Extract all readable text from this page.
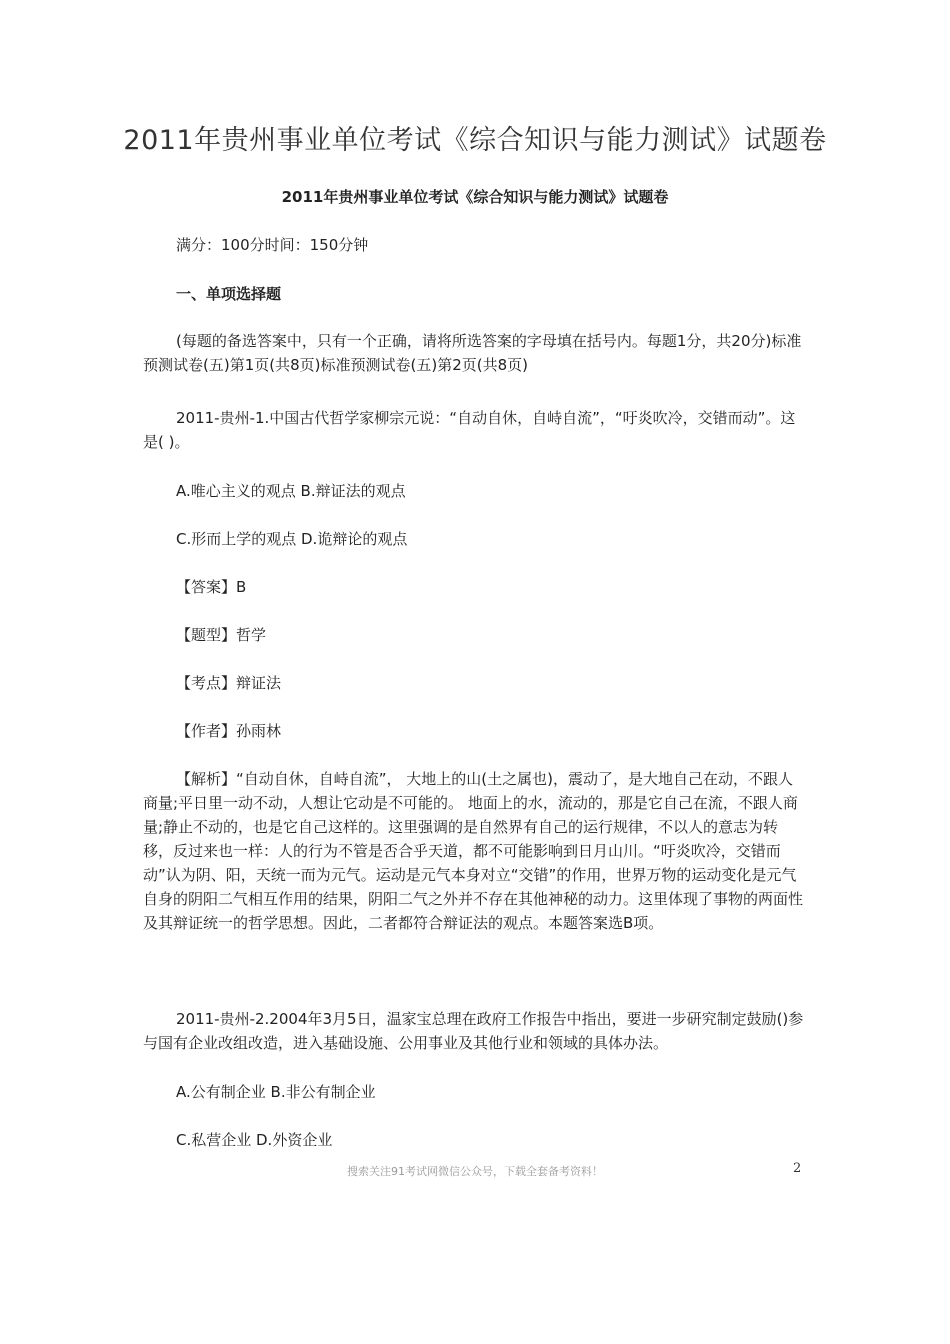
2011年贵州事业单位考试《综合知识与能力测试》试题卷
2011年贵州事业单位考试《综合知识与能力测试》试题卷
满分：100分时间：150分钟
一、单项选择题
(每题的备选答案中，只有一个正确，请将所选答案的字母填在括号内。每题1分，共20分)标准预测试卷(五)第1页(共8页)标准预测试卷(五)第2页(共8页)
2011-贵州-1.中国古代哲学家柳宗元说：“自动自休，自峙自流”，“吁炎吹冷，交错而动”。这是( )。
A.唯心主义的观点 B.辩证法的观点
C.形而上学的观点 D.诡辩论的观点
【答案】B
【题型】哲学
【考点】辩证法
【作者】孙雨林
【解析】“自动自休，自峙自流”， 大地上的山(土之属也)，震动了，是大地自己在动，不跟人商量;平日里一动不动，人想让它动是不可能的。 地面上的水，流动的，那是它自己在流，不跟人商量;静止不动的，也是它自己这样的。这里强调的是自然界有自己的运行规律，不以人的意志为转移，反过来也一样：人的行为不管是否合乎天道，都不可能影响到日月山川。“吁炎吹冷，交错而动”认为阴、阳，天统一而为元气。运动是元气本身对立“交错”的作用，世界万物的运动变化是元气自身的阴阳二气相互作用的结果，阴阳二气之外并不存在其他神秘的动力。这里体现了事物的两面性及其辩证统一的哲学思想。因此，二者都符合辩证法的观点。本题答案选B项。
2011-贵州-2.2004年3月5日，温家宝总理在政府工作报告中指出，要进一步研究制定鼓励()参与国有企业改组改造，进入基础设施、公用事业及其他行业和领域的具体办法。
A.公有制企业 B.非公有制企业
C.私营企业 D.外资企业
搜索关注91考试网微信公众号，下载全套备考资料！	2
